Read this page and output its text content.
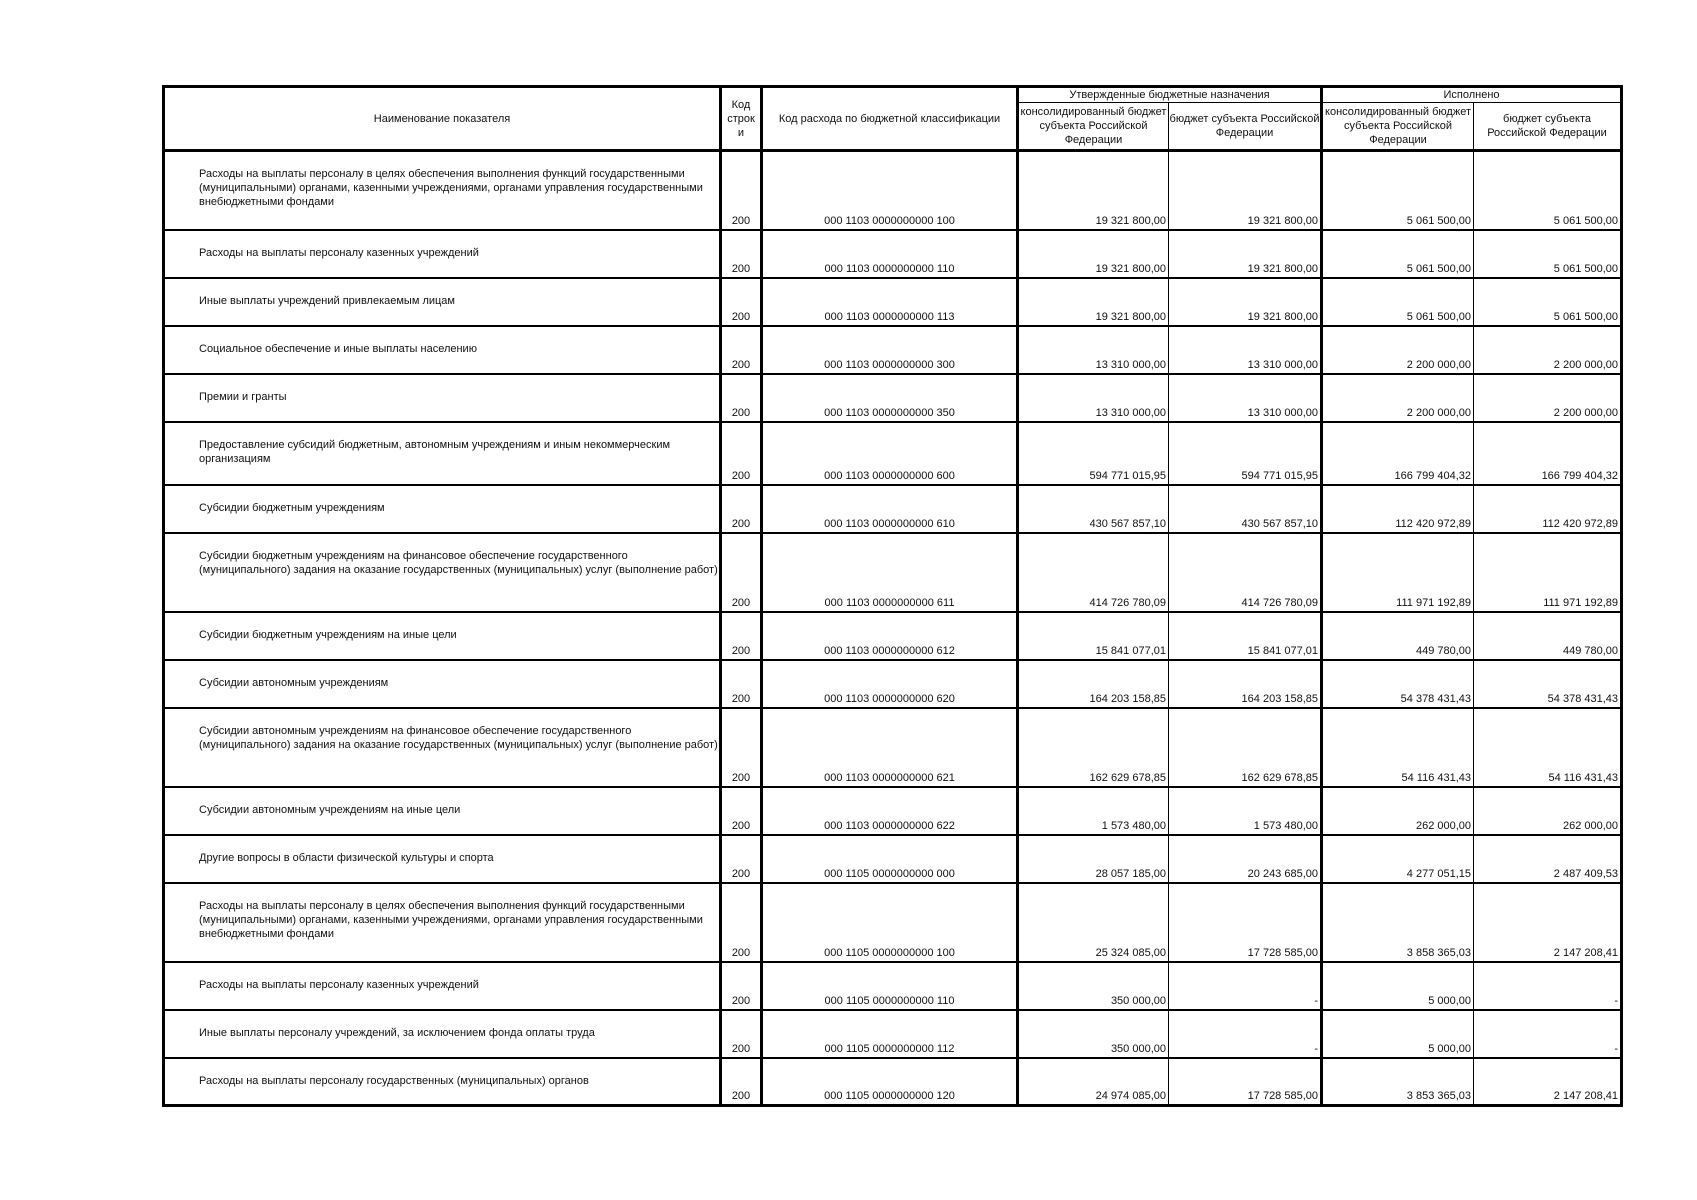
Наименование показателя	Код строк и	Код расхода по бюджетной классификации	Утвержденные бюджетные назначения		Исполнено	
			консолидированный бюджет субъекта Российской Федерации	бюджет субъекта Российской Федерации	консолидированный бюджет субъекта Российской Федерации	бюджет субъекта Российской Федерации
Расходы на выплаты персоналу в целях обеспечения выполнения функций государственными (муниципальными) органами, казенными учреждениями, органами управления государственными внебюджетными фондами	200	000 1103 0000000000 100	19 321 800,00	19 321 800,00	5 061 500,00	5 061 500,00
Расходы на выплаты персоналу казенных учреждений	200	000 1103 0000000000 110	19 321 800,00	19 321 800,00	5 061 500,00	5 061 500,00
Иные выплаты учреждений привлекаемым лицам	200	000 1103 0000000000 113	19 321 800,00	19 321 800,00	5 061 500,00	5 061 500,00
Социальное обеспечение и иные выплаты населению	200	000 1103 0000000000 300	13 310 000,00	13 310 000,00	2 200 000,00	2 200 000,00
Премии и гранты	200	000 1103 0000000000 350	13 310 000,00	13 310 000,00	2 200 000,00	2 200 000,00
Предоставление субсидий бюджетным, автономным учреждениям и иным некоммерческим организациям	200	000 1103 0000000000 600	594 771 015,95	594 771 015,95	166 799 404,32	166 799 404,32
Субсидии бюджетным учреждениям	200	000 1103 0000000000 610	430 567 857,10	430 567 857,10	112 420 972,89	112 420 972,89
Субсидии бюджетным учреждениям на финансовое обеспечение государственного (муниципального) задания на оказание государственных (муниципальных) услуг (выполнение работ)	200	000 1103 0000000000 611	414 726 780,09	414 726 780,09	111 971 192,89	111 971 192,89
Субсидии бюджетным учреждениям на иные цели	200	000 1103 0000000000 612	15 841 077,01	15 841 077,01	449 780,00	449 780,00
Субсидии автономным учреждениям	200	000 1103 0000000000 620	164 203 158,85	164 203 158,85	54 378 431,43	54 378 431,43
Субсидии автономным учреждениям на финансовое обеспечение государственного (муниципального) задания на оказание государственных (муниципальных) услуг (выполнение работ)	200	000 1103 0000000000 621	162 629 678,85	162 629 678,85	54 116 431,43	54 116 431,43
Субсидии автономным учреждениям на иные цели	200	000 1103 0000000000 622	1 573 480,00	1 573 480,00	262 000,00	262 000,00
Другие вопросы в области физической культуры и спорта	200	000 1105 0000000000 000	28 057 185,00	20 243 685,00	4 277 051,15	2 487 409,53
Расходы на выплаты персоналу в целях обеспечения выполнения функций государственными (муниципальными) органами, казенными учреждениями, органами управления государственными внебюджетными фондами	200	000 1105 0000000000 100	25 324 085,00	17 728 585,00	3 858 365,03	2 147 208,41
Расходы на выплаты персоналу казенных учреждений	200	000 1105 0000000000 110	350 000,00	-	5 000,00	-
Иные выплаты персоналу учреждений, за исключением фонда оплаты труда	200	000 1105 0000000000 112	350 000,00	-	5 000,00	-
Расходы на выплаты персоналу государственных (муниципальных) органов	200	000 1105 0000000000 120	24 974 085,00	17 728 585,00	3 853 365,03	2 147 208,41
